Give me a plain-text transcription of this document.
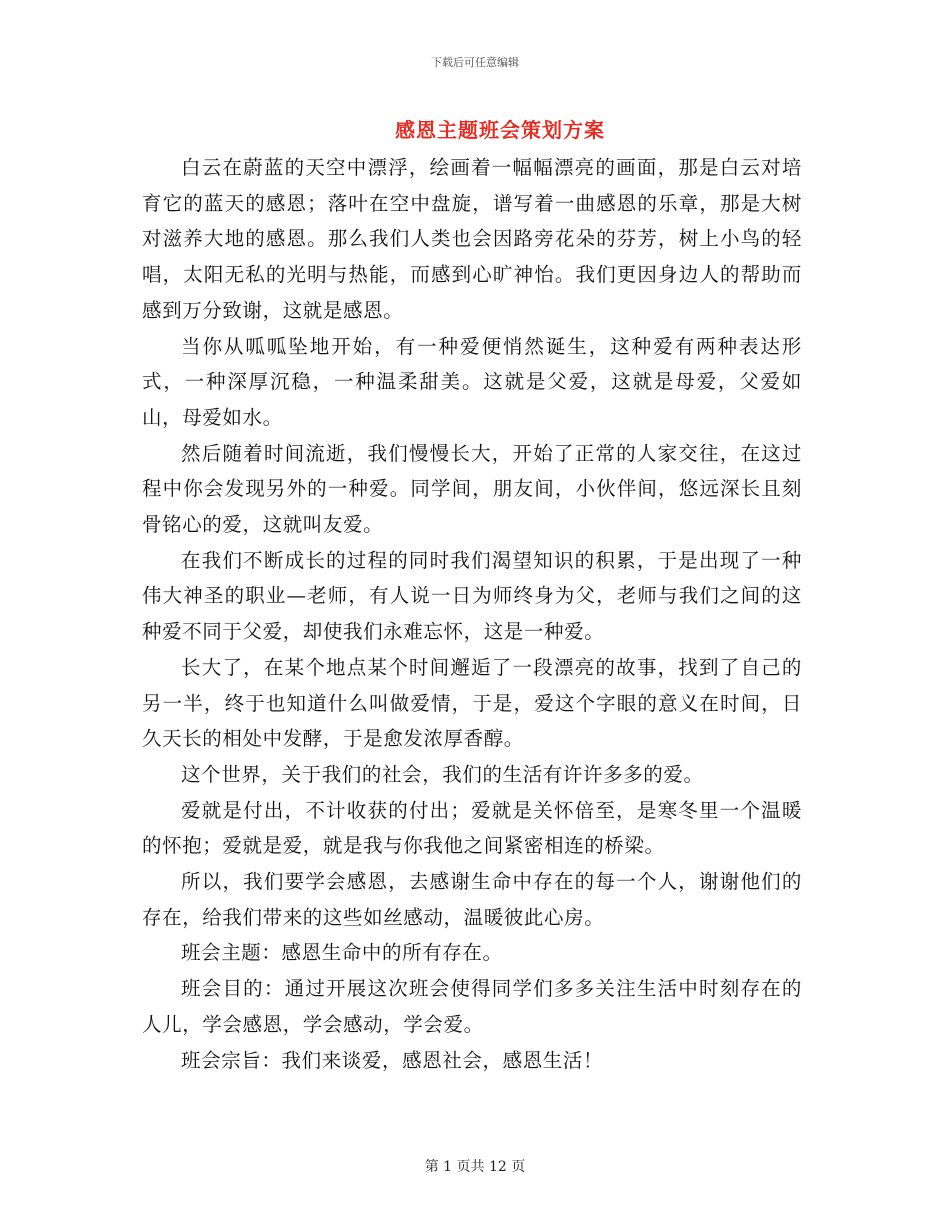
下载后可任意编辑
感恩主题班会策划方案

白云在蔚蓝的天空中漂浮，绘画着一幅幅漂亮的画面，那是白云对培育它的蓝天的感恩；落叶在空中盘旋，谱写着一曲感恩的乐章，那是大树对滋养大地的感恩。那么我们人类也会因路旁花朵的芬芳，树上小鸟的轻唱，太阳无私的光明与热能，而感到心旷神怡。我们更因身边人的帮助而感到万分致谢，这就是感恩。

当你从呱呱坠地开始，有一种爱便悄然诞生，这种爱有两种表达形式，一种深厚沉稳，一种温柔甜美。这就是父爱，这就是母爱，父爱如山，母爱如水。

然后随着时间流逝，我们慢慢长大，开始了正常的人家交往，在这过程中你会发现另外的一种爱。同学间，朋友间，小伙伴间，悠远深长且刻骨铭心的爱，这就叫友爱。

在我们不断成长的过程的同时我们渴望知识的积累，于是出现了一种伟大神圣的职业—老师，有人说一日为师终身为父，老师与我们之间的这种爱不同于父爱，却使我们永难忘怀，这是一种爱。

长大了，在某个地点某个时间邂逅了一段漂亮的故事，找到了自己的另一半，终于也知道什么叫做爱情，于是，爱这个字眼的意义在时间，日久天长的相处中发酵，于是愈发浓厚香醇。

这个世界，关于我们的社会，我们的生活有许许多多的爱。

爱就是付出，不计收获的付出；爱就是关怀倍至，是寒冬里一个温暖的怀抱；爱就是爱，就是我与你我他之间紧密相连的桥梁。

所以，我们要学会感恩，去感谢生命中存在的每一个人，谢谢他们的存在，给我们带来的这些如丝感动，温暖彼此心房。

班会主题：感恩生命中的所有存在。

班会目的：通过开展这次班会使得同学们多多关注生活中时刻存在的人儿，学会感恩，学会感动，学会爱。

班会宗旨：我们来谈爱，感恩社会，感恩生活！

第 1 页共 12 页
